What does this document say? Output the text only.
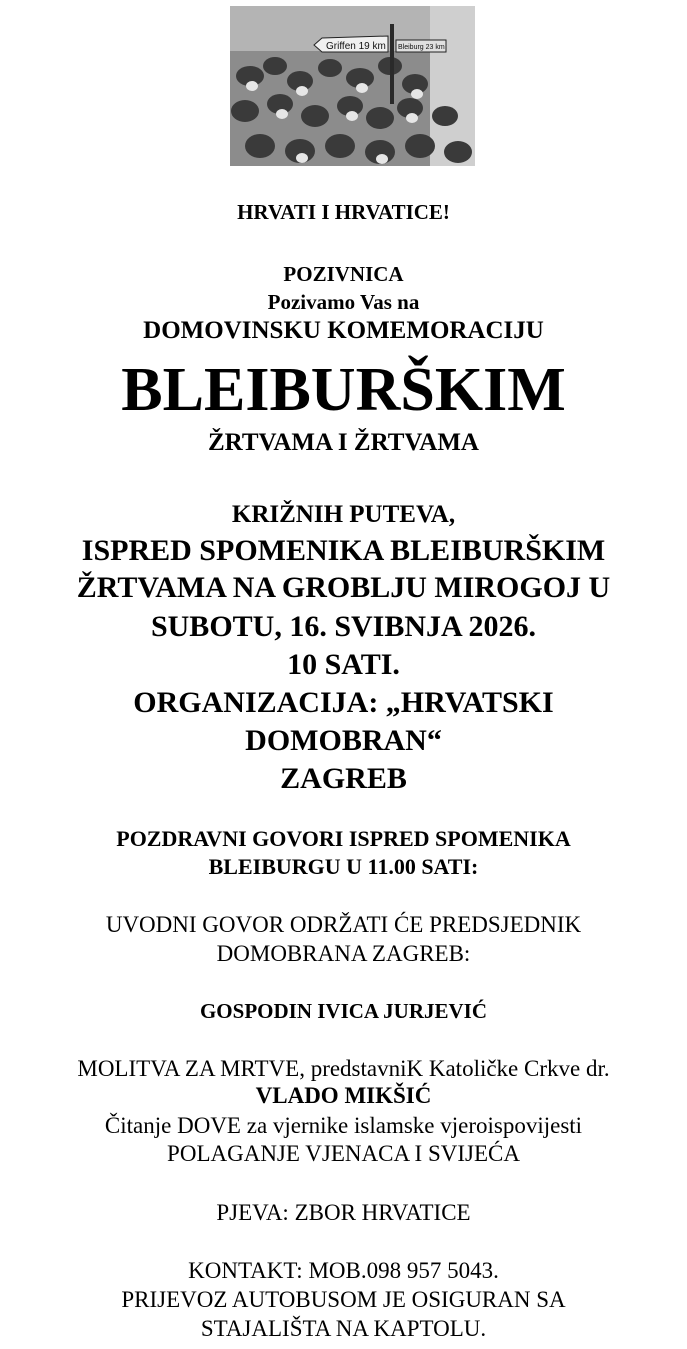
Griffen 19 km Bleiburg 23 km
HRVATI I HRVATICE!
POZIVNICA
Pozivamo Vas na
DOMOVINSKU KOMEMORACIJU
BLEIBURŠKIM
ŽRTVAMA I ŽRTVAMA
KRIŽNIH PUTEVA,
ISPRED SPOMENIKA BLEIBURŠKIM
ŽRTVAMA NA GROBLJU MIROGOJ U
SUBOTU, 16. SVIBNJA 2026.
10 SATI.
ORGANIZACIJA: „HRVATSKI
DOMOBRAN“
ZAGREB
POZDRAVNI GOVORI ISPRED SPOMENIKA
BLEIBURGU U 11.00 SATI:
UVODNI GOVOR ODRŽATI ĆE PREDSJEDNIK
DOMOBRANA ZAGREB:
GOSPODIN IVICA JURJEVIĆ
MOLITVA ZA MRTVE, predstavniK Katoličke Crkve dr.
VLADO MIKŠIĆ
Čitanje DOVE za vjernike islamske vjeroispovijesti
POLAGANJE VJENACA I SVIJEĆA
PJEVA: ZBOR HRVATICE
KONTAKT: MOB.098 957 5043.
PRIJEVOZ AUTOBUSOM JE OSIGURAN SA
STAJALIŠTA NA KAPTOLU.
